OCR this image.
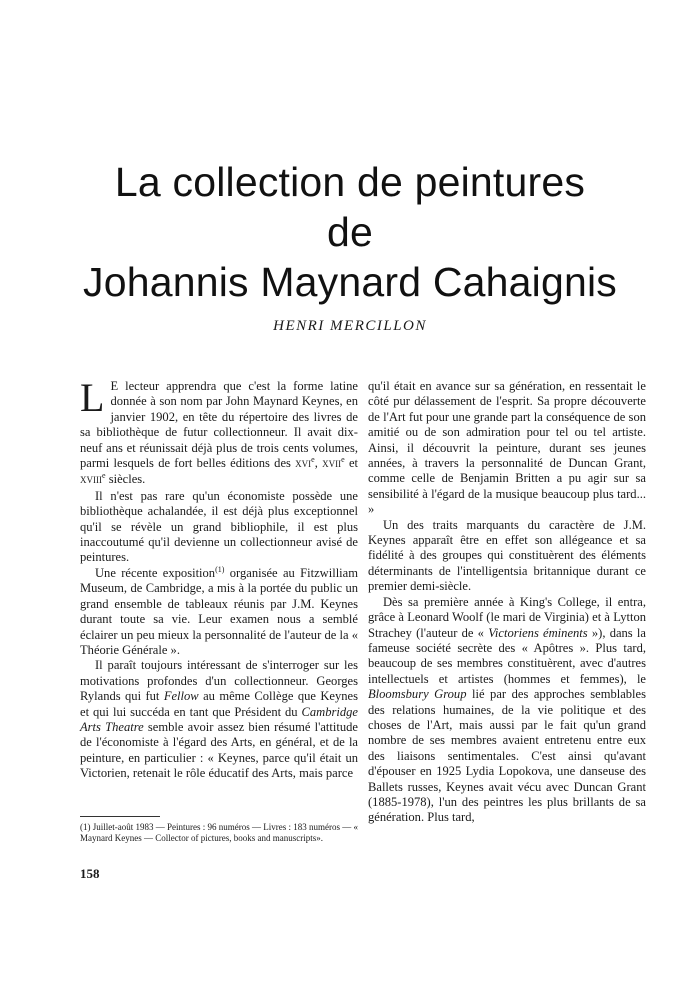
La collection de peintures
de
Johannis Maynard Cahaignis
HENRI MERCILLON

L E lecteur apprendra que c'est la forme latine donnée à son nom par John Maynard Keynes, en janvier 1902, en tête du répertoire des livres de sa bibliothèque de futur collectionneur. Il avait dix-neuf ans et réunissait déjà plus de trois cents volumes, parmi lesquels de fort belles éditions des XVIe, XVIIe et XVIIIe siècles.

Il n'est pas rare qu'un économiste possède une bibliothèque achalandée, il est déjà plus exceptionnel qu'il se révèle un grand bibliophile, il est plus inaccoutumé qu'il devienne un collectionneur avisé de peintures.

Une récente exposition$^{(1)}$ organisée au Fitzwilliam Museum, de Cambridge, a mis à la portée du public un grand ensemble de tableaux réunis par J.M. Keynes durant toute sa vie. Leur examen nous a semblé éclairer un peu mieux la personnalité de l'auteur de la « Théorie Générale ».

Il paraît toujours intéressant de s'interroger sur les motivations profondes d'un collectionneur. Georges Rylands qui fut Fellow au même Collège que Keynes et qui lui succéda en tant que Président du Cambridge Arts Theatre semble avoir assez bien résumé l'attitude de l'économiste à l'égard des Arts, en général, et de la peinture, en particulier : « Keynes, parce qu'il était un Victorien, retenait le rôle éducatif des Arts, mais parce

qu'il était en avance sur sa génération, en ressentait le côté pur délassement de l'esprit. Sa propre découverte de l'Art fut pour une grande part la conséquence de son amitié ou de son admiration pour tel ou tel artiste. Ainsi, il découvrit la peinture, durant ses jeunes années, à travers la personnalité de Duncan Grant, comme celle de Benjamin Britten a pu agir sur sa sensibilité à l'égard de la musique beaucoup plus tard... »

Un des traits marquants du caractère de J.M. Keynes apparaît être en effet son allégeance et sa fidélité à des groupes qui constituèrent des éléments déterminants de l'intelligentsia britannique durant ce premier demi-siècle.

Dès sa première année à King's College, il entra, grâce à Leonard Woolf (le mari de Virginia) et à Lytton Strachey (l'auteur de « Victoriens éminents »), dans la fameuse société secrète des « Apôtres ». Plus tard, beaucoup de ses membres constituèrent, avec d'autres intellectuels et artistes (hommes et femmes), le Bloomsbury Group lié par des approches semblables des relations humaines, de la vie politique et des choses de l'Art, mais aussi par le fait qu'un grand nombre de ses membres avaient entretenu entre eux des liaisons sentimentales. C'est ainsi qu'avant d'épouser en 1925 Lydia Lopokova, une danseuse des Ballets russes, Keynes avait vécu avec Duncan Grant (1885-1978), l'un des peintres les plus brillants de sa génération. Plus tard,

(1) Juillet-août 1983 — Peintures : 96 numéros — Livres : 183 numéros — « Maynard Keynes — Collector of pictures, books and manuscripts».
158
